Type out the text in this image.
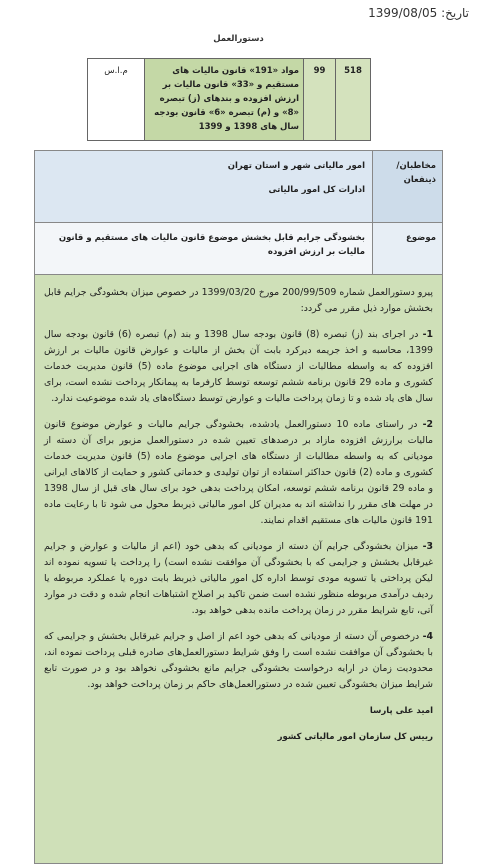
تاریخ: 1399/08/05
دستورالعمل
518
99
مواد «191» قانون مالیات های مستقیم و «33» قانون مالیات بر ارزش افزوده و بندهای (ز) تبصره «8» و (م) تبصره «6» قانون بودجه سال های 1398 و 1399
م.ا.س
مخاطبان/ ذینفعان
امور مالیاتی شهر و استان تهران
ادارات کل امور مالیاتی
موضوع
بخشودگی جرایم قابل بخشش موضوع قانون مالیات های مستقیم و قانون مالیات بر ارزش افزوده

پیرو دستورالعمل شماره 200/99/509 مورخ 1399/03/20 در خصوص میزان بخشودگی جرایم قابل بخشش موارد ذیل مقرر می گردد:

1- در اجرای بند (ز) تبصره (8) قانون بودجه سال 1398 و بند (م) تبصره (6) قانون بودجه سال 1399، محاسبه و اخذ جریمه دیرکرد بابت آن بخش از مالیات و عوارض قانون مالیات بر ارزش افزوده که به واسطه مطالبات از دستگاه های اجرایی موضوع ماده (5) قانون مدیریت خدمات کشوری و ماده 29 قانون برنامه ششم توسعه توسط کارفرما به پیمانکار پرداخت نشده است، برای سال های یاد شده و تا زمان پرداخت مالیات و عوارض توسط دستگاه‌های یاد شده موضوعیت ندارد.

2- در راستای ماده 10 دستورالعمل یادشده، بخشودگی جرایم مالیات و عوارض موضوع قانون مالیات برارزش افزوده مازاد بر درصدهای تعیین شده در دستورالعمل مزبور برای آن دسته از مودیانی که به واسطه مطالبات از دستگاه های اجرایی موضوع ماده (5) قانون مدیریت خدمات کشوری و ماده (2) قانون حداکثر استفاده از توان تولیدی و خدماتی کشور و حمایت از کالاهای ایرانی و ماده 29 قانون برنامه ششم توسعه، امکان پرداخت بدهی خود برای سال های قبل از سال 1398 در مهلت های مقرر را نداشته اند به مدیران کل امور مالیاتی ذیربط محول می شود تا با رعایت ماده 191 قانون مالیات های مستقیم اقدام نمایند.

3- میزان بخشودگی جرایم آن دسته از مودیانی که بدهی خود (اعم از مالیات و عوارض و جرایم غیرقابل بخشش و جرایمی که با بخشودگی آن موافقت نشده است) را پرداخت یا تسویه نموده اند لیکن پرداختی یا تسویه مودی توسط اداره کل امور مالیاتی ذیربط بابت دوره یا عملکرد مربوطه یا ردیف درآمدی مربوطه منظور نشده است ضمن تاکید بر اصلاح اشتباهات انجام شده و دقت در موارد آتی، تابع شرایط مقرر در زمان پرداخت مانده بدهی خواهد بود.

4- درخصوص آن دسته از مودیانی که بدهی خود اعم از اصل و جرایم غیرقابل بخشش و جرایمی که با بخشودگی آن موافقت نشده است را وفق شرایط دستورالعمل‌های صادره قبلی پرداخت نموده اند، محدودیت زمان در ارایه درخواست بخشودگی جرایم مانع بخشودگی نخواهد بود و در صورت تابع شرایط میزان بخشودگی تعیین شده در دستورالعمل‌های حاکم بر زمان پرداخت خواهد بود.

امید علی پارسا
رییس کل سازمان امور مالیاتی کشور
